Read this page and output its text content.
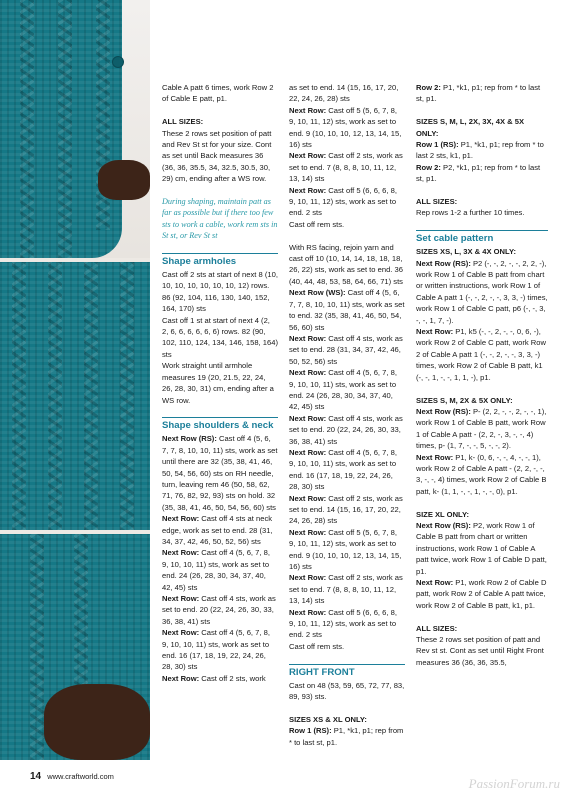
Cable A patt 6 times, work Row 2 of Cable E patt, p1.

ALL SIZES:

These 2 rows set position of patt and Rev St st for your size. Cont as set until Back measures 36 (36, 36, 35.5, 34, 32.5, 30.5, 30, 29) cm, ending after a WS row.

During shaping, maintain patt as far as possible but if there too few sts to work a cable, work rem sts in St st, or Rev St st

Shape armholes

Cast off 2 sts at start of next 8 (10, 10, 10, 10, 10, 10, 10, 12) rows. 86 (92, 104, 116, 130, 140, 152, 164, 170) sts

Cast off 1 st at start of next 4 (2, 2, 6, 6, 6, 6, 6, 6) rows. 82 (90, 102, 110, 124, 134, 146, 158, 164) sts

Work straight until armhole measures 19 (20, 21.5, 22, 24, 26, 28, 30, 31) cm, ending after a WS row.

Shape shoulders & neck
Next Row (RS): Cast off 4 (5, 6, 7, 7, 8, 10, 10, 11) sts, work as set until there are 32 (35, 38, 41, 46, 50, 54, 56, 60) sts on RH needle, turn, leaving rem 46 (50, 58, 62, 71, 76, 82, 92, 93) sts on hold. 32 (35, 38, 41, 46, 50, 54, 56, 60) sts
Next Row: Cast off 4 sts at neck edge, work as set to end. 28 (31, 34, 37, 42, 46, 50, 52, 56) sts
Next Row: Cast off 4 (5, 6, 7, 8, 9, 10, 10, 11) sts, work as set to end. 24 (26, 28, 30, 34, 37, 40, 42, 45) sts
Next Row: Cast off 4 sts, work as set to end. 20 (22, 24, 26, 30, 33, 36, 38, 41) sts
Next Row: Cast off 4 (5, 6, 7, 8, 9, 10, 10, 11) sts, work as set to end. 16 (17, 18, 19, 22, 24, 26, 28, 30) sts
Next Row: Cast off 2 sts, work
as set to end. 14 (15, 16, 17, 20, 22, 24, 26, 28) sts
Next Row: Cast off 5 (5, 6, 7, 8, 9, 10, 11, 12) sts, work as set to end. 9 (10, 10, 10, 12, 13, 14, 15, 16) sts
Next Row: Cast off 2 sts, work as set to end. 7 (8, 8, 8, 10, 11, 12, 13, 14) sts
Next Row: Cast off 5 (6, 6, 6, 8, 9, 10, 11, 12) sts, work as set to end. 2 sts

Cast off rem sts.

With RS facing, rejoin yarn and cast off 10 (10, 14, 14, 18, 18, 18, 26, 22) sts, work as set to end. 36 (40, 44, 48, 53, 58, 64, 66, 71) sts
Next Row (WS): Cast off 4 (5, 6, 7, 7, 8, 10, 10, 11) sts, work as set to end. 32 (35, 38, 41, 46, 50, 54, 56, 60) sts
Next Row: Cast off 4 sts, work as set to end. 28 (31, 34, 37, 42, 46, 50, 52, 56) sts
Next Row: Cast off 4 (5, 6, 7, 8, 9, 10, 10, 11) sts, work as set to end. 24 (26, 28, 30, 34, 37, 40, 42, 45) sts
Next Row: Cast off 4 sts, work as set to end. 20 (22, 24, 26, 30, 33, 36, 38, 41) sts
Next Row: Cast off 4 (5, 6, 7, 8, 9, 10, 10, 11) sts, work as set to end. 16 (17, 18, 19, 22, 24, 26, 28, 30) sts
Next Row: Cast off 2 sts, work as set to end. 14 (15, 16, 17, 20, 22, 24, 26, 28) sts
Next Row: Cast off 5 (5, 6, 7, 8, 9, 10, 11, 12) sts, work as set to end. 9 (10, 10, 10, 12, 13, 14, 15, 16) sts
Next Row: Cast off 2 sts, work as set to end. 7 (8, 8, 8, 10, 11, 12, 13, 14) sts
Next Row: Cast off 5 (6, 6, 6, 8, 9, 10, 11, 12) sts, work as set to end. 2 sts

Cast off rem sts.

RIGHT FRONT

Cast on 48 (53, 59, 65, 72, 77, 83, 89, 93) sts.

SIZES XS & XL ONLY:
Row 1 (RS): P1, *k1, p1; rep from * to last st, p1.

Row 2: P1, *k1, p1; rep from * to last st, p1.

SIZES S, M, L, 2X, 3X, 4X & 5X ONLY:
Row 1 (RS): P1, *k1, p1; rep from * to last 2 sts, k1, p1.

Row 2: P2, *k1, p1; rep from * to last st, p1.

ALL SIZES:

Rep rows 1-2 a further 10 times.

Set cable pattern
SIZES XS, L, 3X & 4X ONLY:
Next Row (RS): P2 (-, -, 2, -, -, 2, 2, -), work Row 1 of Cable B patt from chart or written instructions, work Row 1 of Cable A patt 1 (-, -, 2, -, -, 3, 3, -) times, work Row 1 of Cable C patt, p6 (-, -, 3, -, -, 1, 7, -).

Next Row: P1, k5 (-, -, 2, -, -, 0, 6, -), work Row 2 of Cable C patt, work Row 2 of Cable A patt 1 (-, -, 2, -, -, 3, 3, -) times, work Row 2 of Cable B patt, k1 (-, -, 1, -, -, 1, 1, -), p1.

SIZES S, M, 2X & 5X ONLY:
Next Row (RS): P- (2, 2, -, -, 2, -, -, 1), work Row 1 of Cable B patt, work Row 1 of Cable A patt - (2, 2, -, 3, -, -, 4) times, p- (1, 7, -, -, 5, -, -, 2).

Next Row: P1, k- (0, 6, -, -, 4, -, -, 1), work Row 2 of Cable A patt - (2, 2, -, -, 3, -, -, 4) times, work Row 2 of Cable B patt, k- (1, 1, -, -, 1, -, -, 0), p1.

SIZE XL ONLY:
Next Row (RS): P2, work Row 1 of Cable B patt from chart or written instructions, work Row 1 of Cable A patt twice, work Row 1 of Cable D patt, p1.

Next Row: P1, work Row 2 of Cable D patt, work Row 2 of Cable A patt twice, work Row 2 of Cable B patt, k1, p1.

ALL SIZES:
These 2 rows set position of patt and Rev st st. Cont as set until Right Front measures 36 (36, 36, 35.5,
14 www.craftworld.com	PassionForum.ru
